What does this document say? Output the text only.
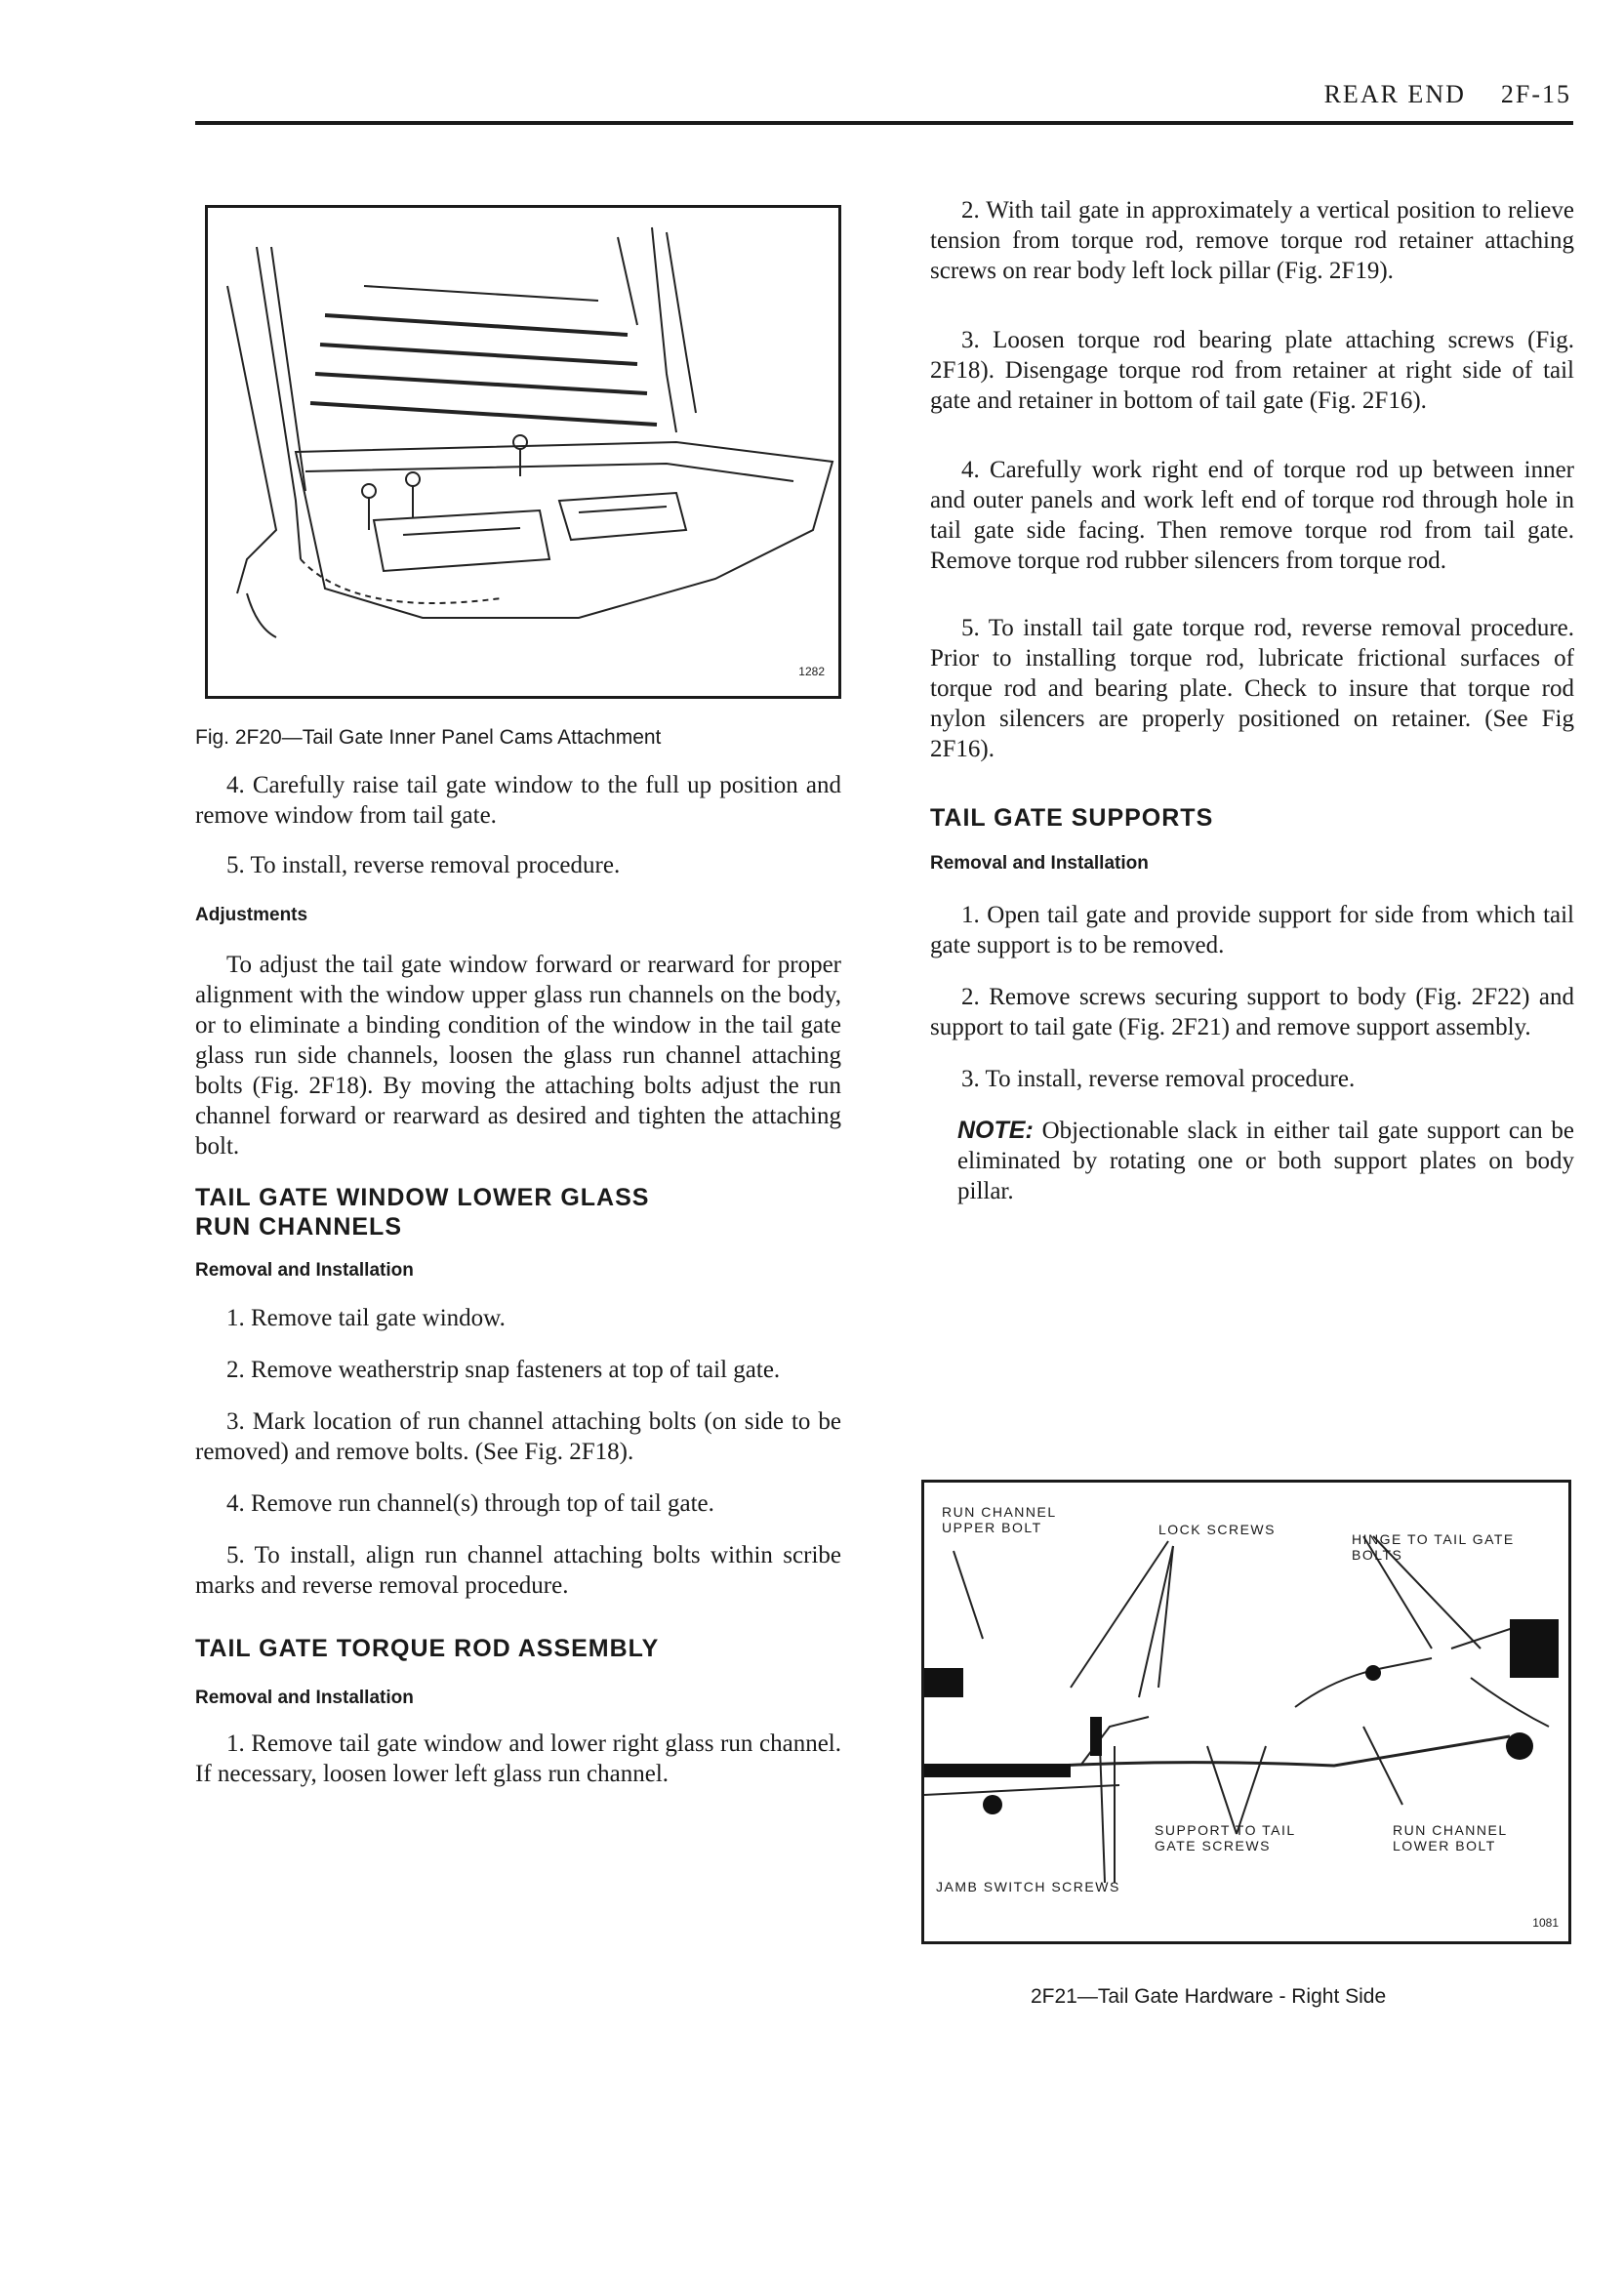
REAR END 2F-15
1282
Fig. 2F20—Tail Gate Inner Panel Cams Attachment

4. Carefully raise tail gate window to the full up position and remove window from tail gate.

5. To install, reverse removal procedure.

Adjustments

To adjust the tail gate window forward or rearward for proper alignment with the window upper glass run channels on the body, or to eliminate a binding condition of the window in the tail gate glass run side channels, loosen the glass run channel attaching bolts (Fig. 2F18). By moving the attaching bolts adjust the run channel forward or rearward as desired and tighten the attaching bolt.

TAIL GATE WINDOW LOWER GLASS RUN CHANNELS
Removal and Installation

1. Remove tail gate window.

2. Remove weatherstrip snap fasteners at top of tail gate.

3. Mark location of run channel attaching bolts (on side to be removed) and remove bolts. (See Fig. 2F18).

4. Remove run channel(s) through top of tail gate.

5. To install, align run channel attaching bolts within scribe marks and reverse removal procedure.

TAIL GATE TORQUE ROD ASSEMBLY
Removal and Installation

1. Remove tail gate window and lower right glass run channel. If necessary, loosen lower left glass run channel.

2. With tail gate in approximately a vertical position to relieve tension from torque rod, remove torque rod retainer attaching screws on rear body left lock pillar (Fig. 2F19).

3. Loosen torque rod bearing plate attaching screws (Fig. 2F18). Disengage torque rod from retainer at right side of tail gate and retainer in bottom of tail gate (Fig. 2F16).

4. Carefully work right end of torque rod up between inner and outer panels and work left end of torque rod through hole in tail gate side facing. Then remove torque rod from tail gate. Remove torque rod rubber silencers from torque rod.

5. To install tail gate torque rod, reverse removal procedure. Prior to installing torque rod, lubricate frictional surfaces of torque rod and bearing plate. Check to insure that torque rod nylon silencers are properly positioned on retainer. (See Fig 2F16).

TAIL GATE SUPPORTS
Removal and Installation

1. Open tail gate and provide support for side from which tail gate support is to be removed.

2. Remove screws securing support to body (Fig. 2F22) and support to tail gate (Fig. 2F21) and remove support assembly.

3. To install, reverse removal procedure.

NOTE: Objectionable slack in either tail gate support can be eliminated by rotating one or both support plates on body pillar.

RUN CHANNEL UPPER BOLT	LOCK SCREWS
HINGE TO TAIL GATE BOLTS
SUPPORT TO TAIL GATE SCREWS
RUN CHANNEL LOWER BOLT
JAMB SWITCH SCREWS
1081
2F21—Tail Gate Hardware - Right Side
